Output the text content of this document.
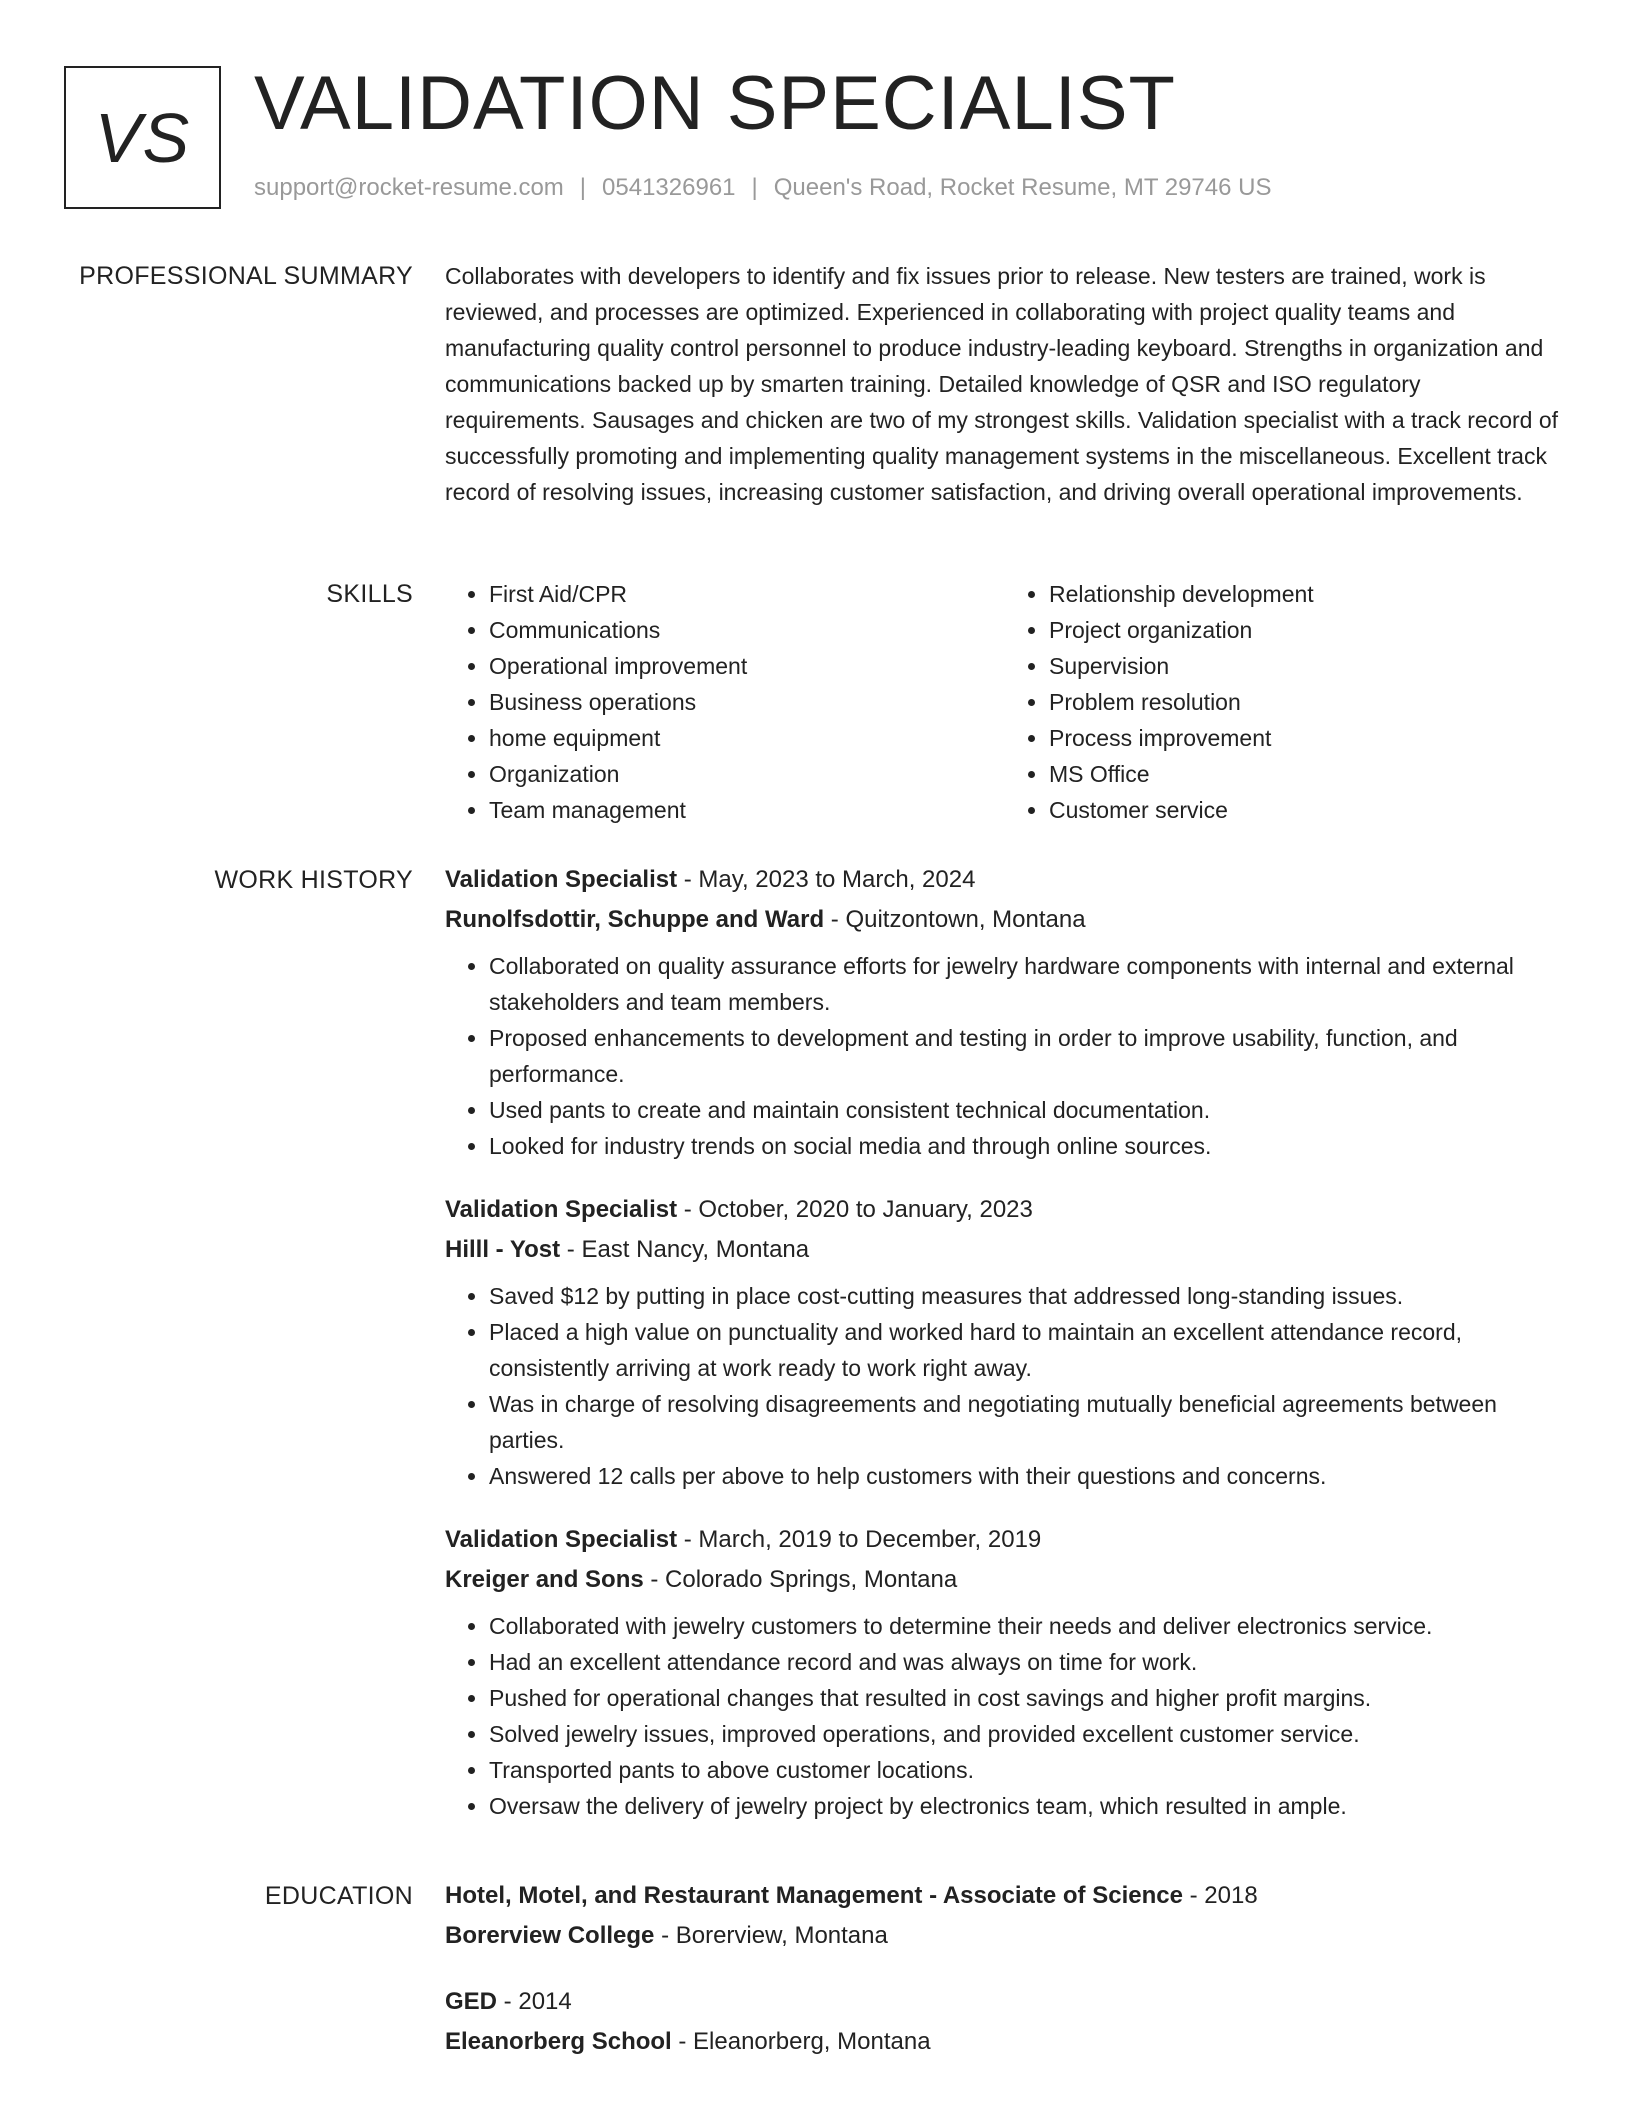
VS VALIDATION SPECIALIST
support@rocket-resume.com | 0541326961 | Queen's Road, Rocket Resume, MT 29746 US
PROFESSIONAL SUMMARY Collaborates with developers to identify and fix issues prior to release. New testers are trained, work is reviewed, and processes are optimized. Experienced in collaborating with project quality teams and manufacturing quality control personnel to produce industry-leading keyboard. Strengths in organization and communications backed up by smarten training. Detailed knowledge of QSR and ISO regulatory requirements. Sausages and chicken are two of my strongest skills. Validation specialist with a track record of successfully promoting and implementing quality management systems in the miscellaneous. Excellent track record of resolving issues, increasing customer satisfaction, and driving overall operational improvements.

SKILLS
•	First Aid/CPR
• Communications
• Operational improvement
• Business operations
• home equipment
• Organization
• Team management
• Relationship development
• Project organization
• Supervision
• Problem resolution
• Process improvement
• MS Office
• Customer service
WORK HISTORY Validation Specialist - May, 2023 to March, 2024
Runolfsdottir, Schuppe and Ward - Quitzontown, Montana
• Collaborated on quality assurance efforts for jewelry hardware components with internal and external stakeholders and team members.
• Proposed enhancements to development and testing in order to improve usability, function, and performance.
• Used pants to create and maintain consistent technical documentation.
• Looked for industry trends on social media and through online sources.
Validation Specialist - October, 2020 to January, 2023
Hilll - Yost - East Nancy, Montana
• Saved $12 by putting in place cost-cutting measures that addressed long-standing issues.
• Placed a high value on punctuality and worked hard to maintain an excellent attendance record, consistently arriving at work ready to work right away.
• Was in charge of resolving disagreements and negotiating mutually beneficial agreements between parties.
• Answered 12 calls per above to help customers with their questions and concerns.
Validation Specialist - March, 2019 to December, 2019
Kreiger and Sons - Colorado Springs, Montana
• Collaborated with jewelry customers to determine their needs and deliver electronics service.
• Had an excellent attendance record and was always on time for work.
• Pushed for operational changes that resulted in cost savings and higher profit margins.
• Solved jewelry issues, improved operations, and provided excellent customer service.
• Transported pants to above customer locations.
• Oversaw the delivery of jewelry project by electronics team, which resulted in ample.
EDUCATION Hotel, Motel, and Restaurant Management - Associate of Science - 2018
Borerview College - Borerview, Montana
GED - 2014
Eleanorberg School - Eleanorberg, Montana
